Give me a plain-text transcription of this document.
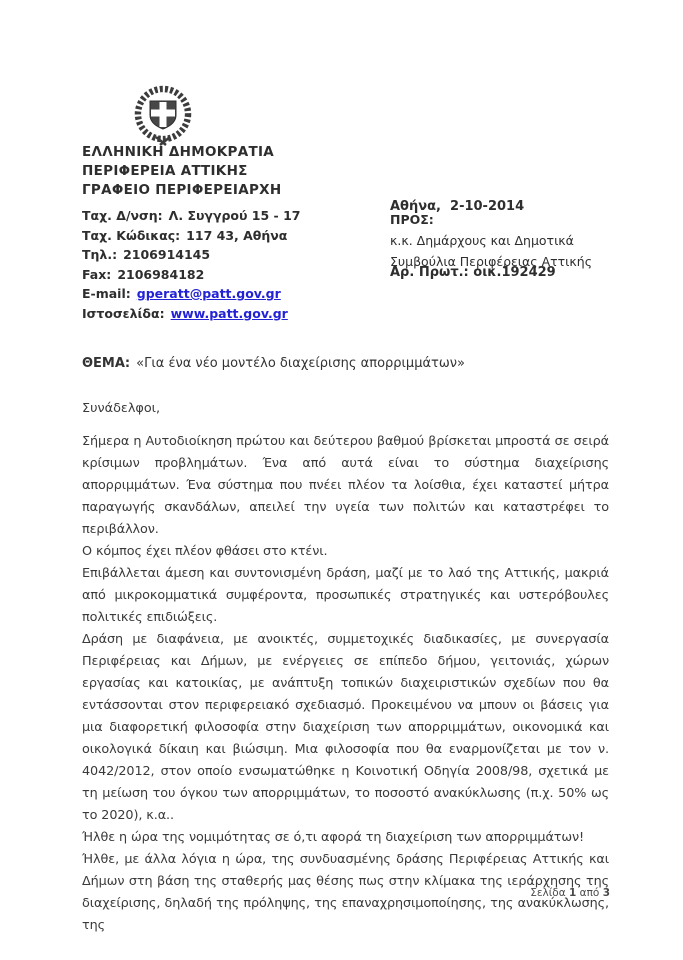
ΕΛΛΗΝΙΚΗ ΔΗΜΟΚΡΑΤΙΑ
ΠΕΡΙΦΕΡΕΙΑ ΑΤΤΙΚΗΣ
ΓΡΑΦΕΙΟ ΠΕΡΙΦΕΡΕΙΑΡΧΗ

Αθήνα,  2-10-2014

Αρ. Πρωτ.: οικ.192429

Ταχ. Δ/νση: Λ. Συγγρού 15 - 17
Ταχ. Κώδικας: 117 43, Αθήνα
Τηλ.: 2106914145
Fax: 2106984182
E-mail: gperatt@patt.gov.gr
Ιστοσελίδα: www.patt.gov.gr
ΠΡΟΣ:
κ.κ. Δημάρχους και Δημοτικά
Συμβούλια Περιφέρειας Αττικής
ΘΕΜΑ: «Για ένα νέο μοντέλο διαχείρισης απορριμμάτων»
Συνάδελφοι,

Σήμερα η Αυτοδιοίκηση πρώτου και δεύτερου βαθμού βρίσκεται μπροστά σε σειρά κρίσιμων προβλημάτων. Ένα από αυτά είναι το σύστημα διαχείρισης απορριμμάτων. Ένα σύστημα που πνέει πλέον τα λοίσθια, έχει καταστεί μήτρα παραγωγής σκανδάλων, απειλεί την υγεία των πολιτών και καταστρέφει το περιβάλλον.

Ο κόμπος έχει πλέον φθάσει στο κτένι.

Επιβάλλεται άμεση και συντονισμένη δράση, μαζί με το λαό της Αττικής, μακριά από μικροκομματικά συμφέροντα, προσωπικές στρατηγικές και υστερόβουλες πολιτικές επιδιώξεις.

Δράση με διαφάνεια, με ανοικτές, συμμετοχικές διαδικασίες, με συνεργασία Περιφέρειας και Δήμων, με ενέργειες σε επίπεδο δήμου, γειτονιάς, χώρων εργασίας και κατοικίας, με ανάπτυξη τοπικών διαχειριστικών σχεδίων που θα εντάσσονται στον περιφερειακό σχεδιασμό. Προκειμένου να μπουν οι βάσεις για μια διαφορετική φιλοσοφία στην διαχείριση των απορριμμάτων, οικονομικά και οικολογικά δίκαιη και βιώσιμη. Μια φιλοσοφία που θα εναρμονίζεται με τον ν. 4042/2012, στον οποίο ενσωματώθηκε η Κοινοτική Οδηγία 2008/98, σχετικά με τη μείωση του όγκου των απορριμμάτων, το ποσοστό ανακύκλωσης (π.χ. 50% ως το 2020), κ.α..

Ήλθε η ώρα της νομιμότητας σε ό,τι αφορά τη διαχείριση των απορριμμάτων!

Ήλθε, με άλλα λόγια η ώρα, της συνδυασμένης δράσης Περιφέρειας Αττικής και Δήμων στη βάση της σταθερής μας θέσης πως στην κλίμακα της ιεράρχησης της διαχείρισης, δηλαδή της πρόληψης, της επαναχρησιμοποίησης, της ανακύκλωσης, της

Σελίδα 1 από 3
